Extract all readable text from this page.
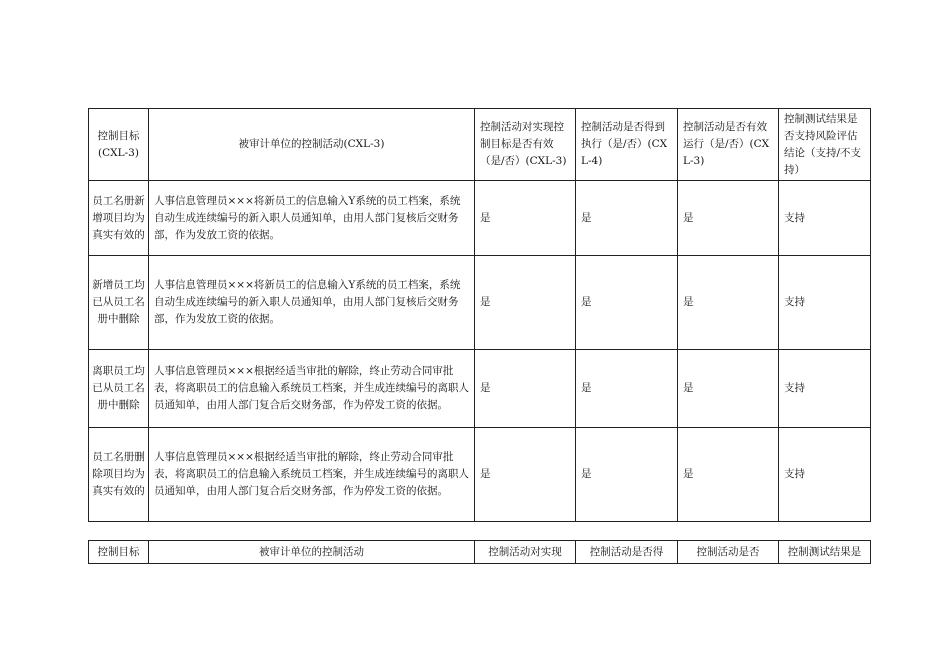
控制目标(CXL-3)	被审计单位的控制活动(CXL-3)	控制活动对实现控制目标是否有效（是/否）(CXL-3)	控制活动是否得到执行（是/否）(CXL-4)	控制活动是否有效运行（是/否）(CXL-3)	控制测试结果是否支持风险评估结论（支持/不支持）
员工名册新增项目均为真实有效的	人事信息管理员×××将新员工的信息输入Y系统的员工档案，系统自动生成连续编号的新入职人员通知单，由用人部门复核后交财务部，作为发放工资的依据。	是	是	是	支持
新增员工均已从员工名册中删除	人事信息管理员×××将新员工的信息输入Y系统的员工档案，系统自动生成连续编号的新入职人员通知单，由用人部门复核后交财务部，作为发放工资的依据。	是	是	是	支持
离职员工均已从员工名册中删除	人事信息管理员×××根据经适当审批的解除，终止劳动合同审批表，将离职员工的信息输入系统员工档案，并生成连续编号的离职人员通知单，由用人部门复合后交财务部，作为停发工资的依据。	是	是	是	支持
员工名册删除项目均为真实有效的	人事信息管理员×××根据经适当审批的解除，终止劳动合同审批表，将离职员工的信息输入系统员工档案，并生成连续编号的离职人员通知单，由用人部门复合后交财务部，作为停发工资的依据。	是	是	是	支持
控制目标	被审计单位的控制活动	控制活动对实现	控制活动是否得	控制活动是否	控制测试结果是
